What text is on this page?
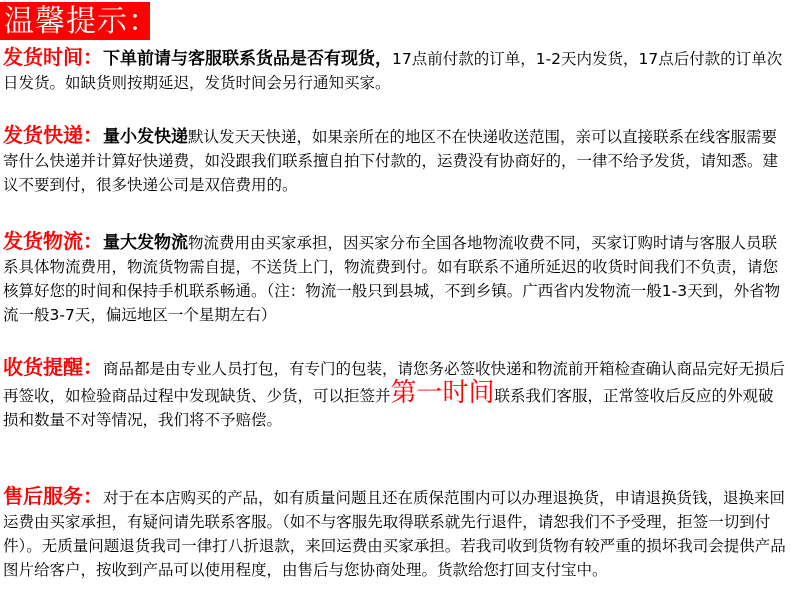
温馨提示：
发货时间：下单前请与客服联系货品是否有现货，17点前付款的订单，1-2天内发货，17点后付款的订单次日发货。如缺货则按期延迟，发货时间会另行通知买家。
发货快递：量小发快递默认发天天快递，如果亲所在的地区不在快递收送范围，亲可以直接联系在线客服需要寄什么快递并计算好快递费，如没跟我们联系擅自拍下付款的，运费没有协商好的，一律不给予发货，请知悉。建议不要到付，很多快递公司是双倍费用的。
发货物流：量大发物流物流费用由买家承担，因买家分布全国各地物流收费不同，买家订购时请与客服人员联系具体物流费用，物流货物需自提，不送货上门，物流费到付。如有联系不通所延迟的收货时间我们不负责，请您核算好您的时间和保持手机联系畅通。（注：物流一般只到县城，不到乡镇。广西省内发物流一般1-3天到，外省物流一般3-7天，偏远地区一个星期左右）
收货提醒：商品都是由专业人员打包，有专门的包装，请您务必签收快递和物流前开箱检查确认商品完好无损后再签收，如检验商品过程中发现缺货、少货，可以拒签并第一时间联系我们客服，正常签收后反应的外观破损和数量不对等情况，我们将不予赔偿。
售后服务：对于在本店购买的产品，如有质量问题且还在质保范围内可以办理退换货，申请退换货钱，退换来回运费由买家承担，有疑问请先联系客服。（如不与客服先取得联系就先行退件，请恕我们不予受理，拒签一切到付件）。无质量问题退货我司一律打八折退款，来回运费由买家承担。若我司收到货物有较严重的损坏我司会提供产品图片给客户，按收到产品可以使用程度，由售后与您协商处理。货款给您打回支付宝中。
